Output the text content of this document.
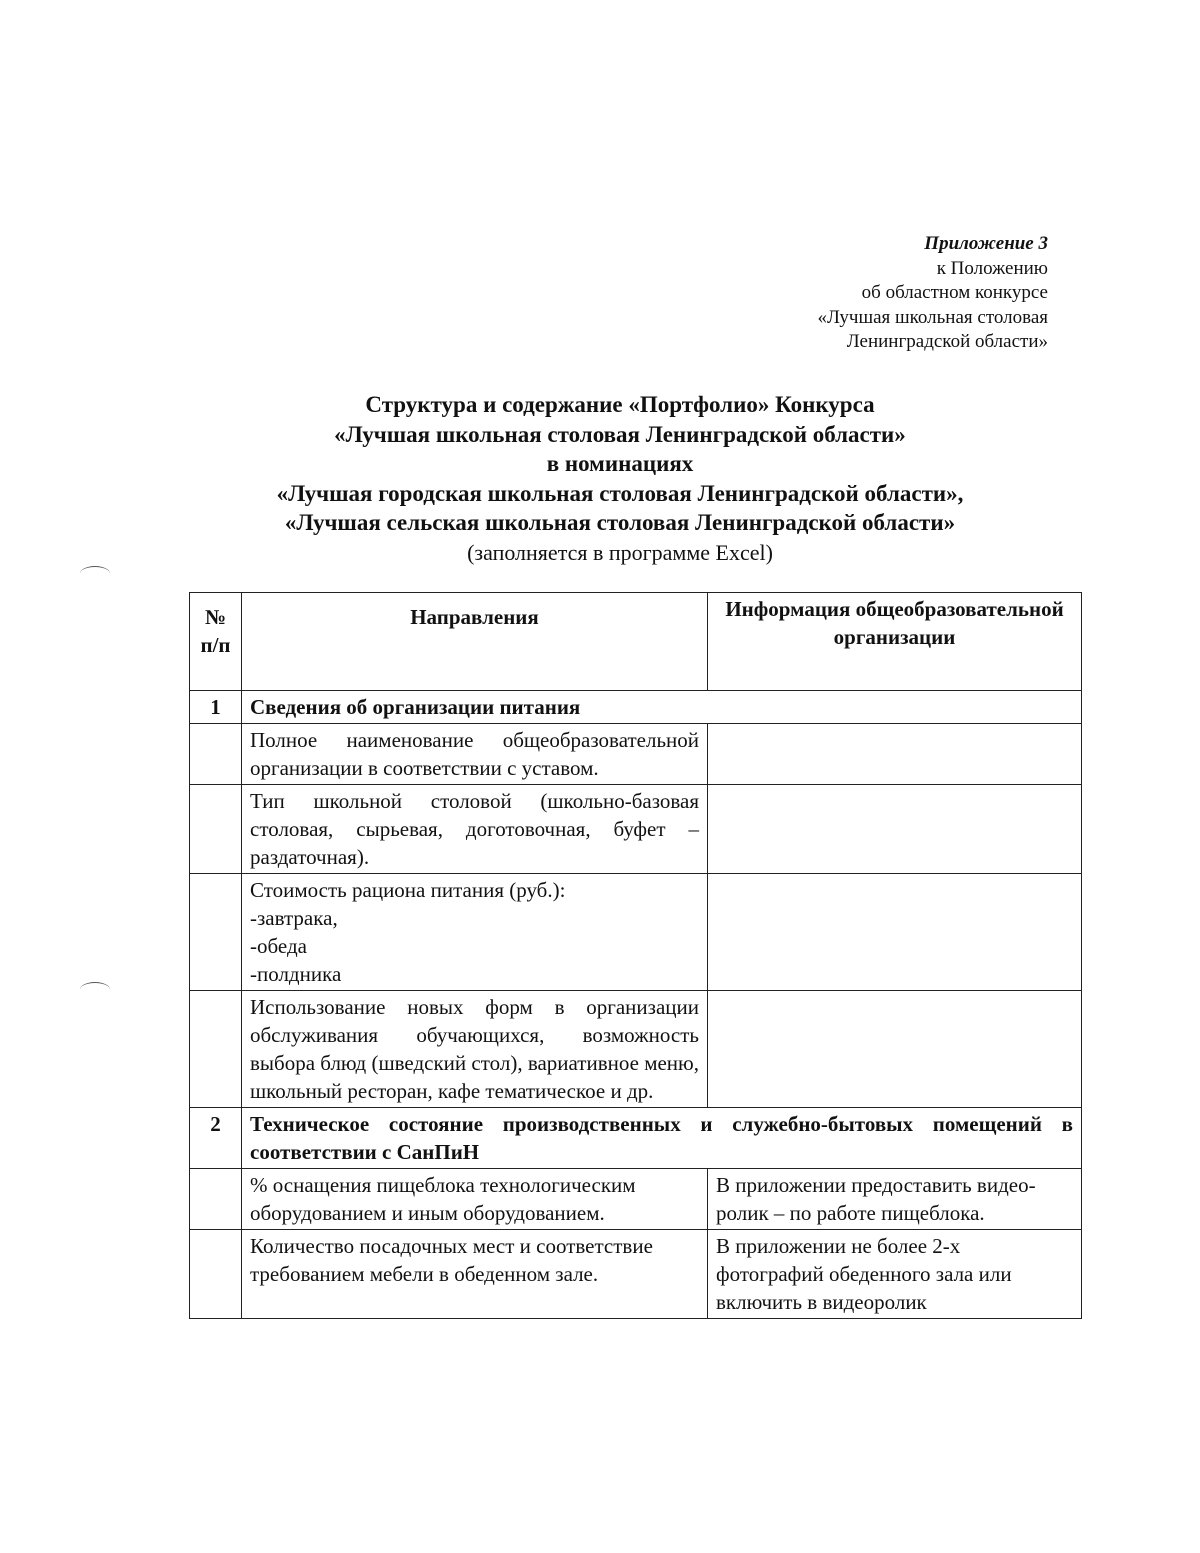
Приложение 3
к Положению
об областном конкурсе
«Лучшая школьная столовая
Ленинградской области»
Структура и содержание «Портфолио» Конкурса
«Лучшая школьная столовая Ленинградской области»
в номинациях
«Лучшая городская школьная столовая Ленинградской области»,
«Лучшая сельская школьная столовая Ленинградской области»
(заполняется в программе Excel)
№ п/п	Направления	Информация общеобразовательной организации
1	Сведения об организации питания	
	Полное наименование общеобразовательной организации в соответствии с уставом.	
	Тип школьной столовой (школьно-базовая столовая, сырьевая, доготовочная, буфет – раздаточная).	
	Стоимость рациона питания (руб.):
-завтрака,
-обеда
-полдника	
	Использование новых форм в организации обслуживания обучающихся, возможность выбора блюд (шведский стол), вариативное меню, школьный ресторан, кафе тематическое и др.	
2	Техническое состояние производственных и служебно-бытовых помещений в соответствии с СанПиН	
	% оснащения пищеблока технологическим оборудованием и иным оборудованием.	В приложении предоставить видео-ролик – по работе пищеблока.
	Количество посадочных мест и соответствие требованием мебели в обеденном зале.	В приложении не более 2-х фотографий обеденного зала или включить в видеоролик
